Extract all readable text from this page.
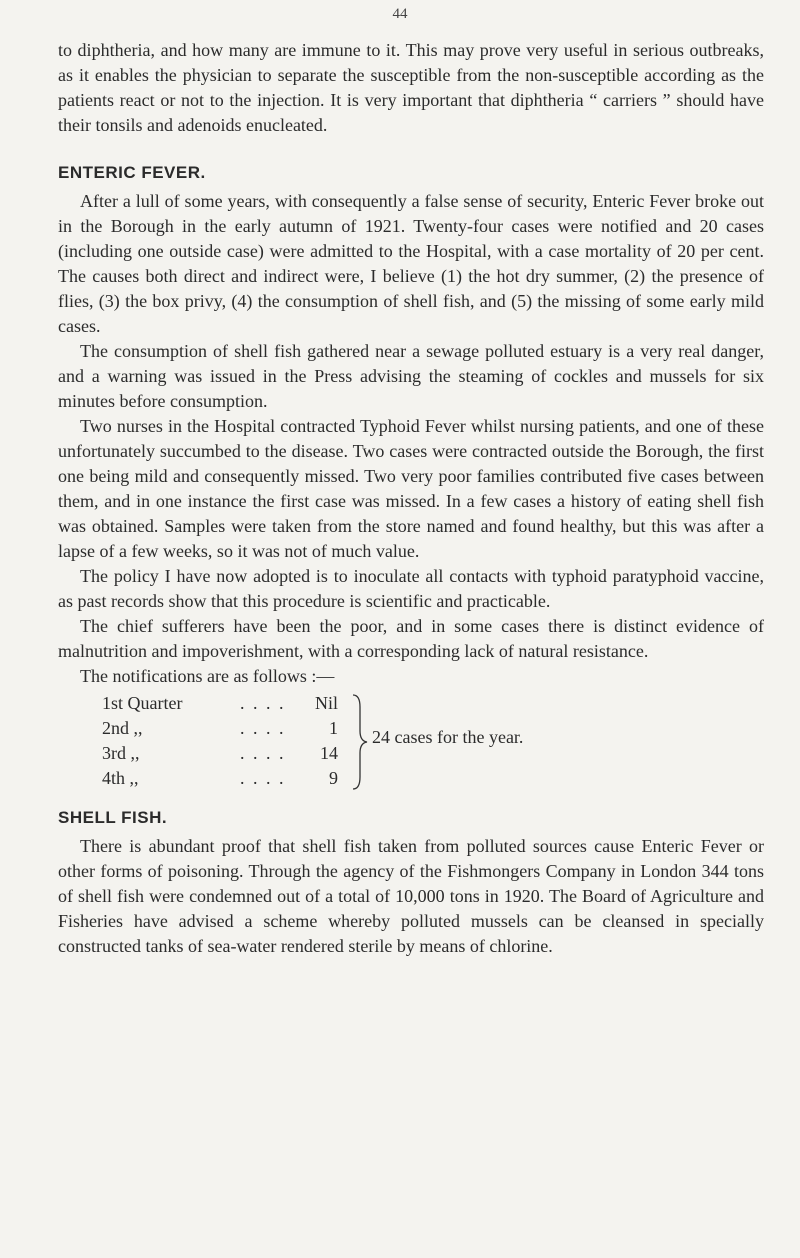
44

to diphtheria, and how many are immune to it. This may prove very useful in serious outbreaks, as it enables the physician to separate the susceptible from the non-susceptible according as the patients react or not to the injection. It is very important that diphtheria “ carriers ” should have their tonsils and adenoids enucleated.

ENTERIC FEVER.

After a lull of some years, with consequently a false sense of security, Enteric Fever broke out in the Borough in the early autumn of 1921. Twenty-four cases were notified and 20 cases (including one outside case) were admitted to the Hospital, with a case mortality of 20 per cent. The causes both direct and indirect were, I believe (1) the hot dry summer, (2) the presence of flies, (3) the box privy, (4) the consumption of shell fish, and (5) the missing of some early mild cases.

The consumption of shell fish gathered near a sewage polluted estuary is a very real danger, and a warning was issued in the Press advising the steaming of cockles and mussels for six minutes before consumption.

Two nurses in the Hospital contracted Typhoid Fever whilst nursing patients, and one of these unfortunately succumbed to the disease. Two cases were contracted outside the Borough, the first one being mild and consequently missed. Two very poor families contributed five cases between them, and in one instance the first case was missed. In a few cases a history of eating shell fish was obtained. Samples were taken from the store named and found healthy, but this was after a lapse of a few weeks, so it was not of much value.

The policy I have now adopted is to inoculate all contacts with typhoid paratyphoid vaccine, as past records show that this procedure is scientific and practicable.

The chief sufferers have been the poor, and in some cases there is distinct evidence of malnutrition and impoverishment, with a corresponding lack of natural resistance.

The notifications are as follows :—

1st Quarter	. . . .	Nil
2nd ,,	. . . .	1
3rd ,,	. . . .	14
4th ,,	. . . .	9
24 cases for the year.
SHELL FISH.

There is abundant proof that shell fish taken from polluted sources cause Enteric Fever or other forms of poisoning. Through the agency of the Fishmongers Company in London 344 tons of shell fish were condemned out of a total of 10,000 tons in 1920. The Board of Agriculture and Fisheries have advised a scheme whereby polluted mussels can be cleansed in specially constructed tanks of sea-water rendered sterile by means of chlorine.
